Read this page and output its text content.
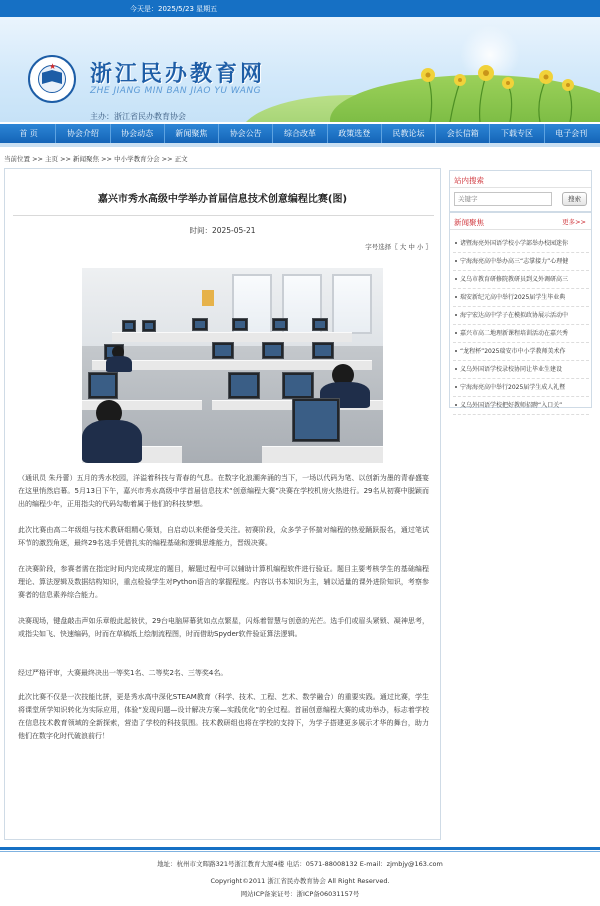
今天是：2025/5/23 星期五
★ 浙江民办教育网
ZHE JIANG MIN BAN JIAO YU WANG
主办：浙江省民办教育协会
首 页	协会介绍	协会动态	新闻聚焦	协会公告	综合改革	政策选登	民教论坛	会长信箱	下载专区	电子会刊
当前位置 >> 主页 >> 新闻聚焦 >> 中小学教育分会 >> 正文
嘉兴市秀水高级中学举办首届信息技术创意编程比赛(图)
时间：2025-05-21
字号选择〖 大 中 小 〗

（通讯员 朱丹蕾）五月的秀水校园，洋溢着科技与青春的气息。在数字化浪潮奔涌的当下，一场以代码为笔、以创新为墨的青春盛宴在这里悄然启幕。5月13日下午，嘉兴市秀水高级中学首届信息技术“创意编程大赛”决赛在学校机房火热进行。29名从初赛中脱颖而出的编程少年，正用指尖的代码勾勒着属于他们的科技梦想。

此次比赛由高二年级组与技术教研组精心策划，自启动以来便备受关注。初赛阶段，众多学子怀揣对编程的热爱踊跃报名，通过笔试环节的激烈角逐，最终29名选手凭借扎实的编程基础和逻辑思维能力，晋级决赛。

在决赛阶段，参赛者需在指定时间内完成规定的题目，解题过程中可以辅助计算机编程软件进行验证。题目主要考核学生的基础编程理论、算法逻辑及数据结构知识，重点检验学生对Python语言的掌握程度。内容以书本知识为主，辅以适量的课外进阶知识，考察参赛者的信息素养综合能力。

决赛现场，键盘敲击声如乐章般此起彼伏，29台电脑屏幕犹如点点繁星，闪烁着智慧与创意的光芒。选手们或眉头紧锁、凝神思考，或指尖如飞、快速编码，时而在草稿纸上绘制流程图，时而借助Spyder软件验证算法逻辑。

经过严格评审，大赛最终决出一等奖1名、二等奖2名、三等奖4名。

此次比赛不仅是一次技能比拼，更是秀水高中深化STEAM教育（科学、技术、工程、艺术、数学融合）的重要实践。通过比赛，学生将课堂所学知识转化为实际应用，体验“发现问题—设计解决方案—实践优化”的全过程。首届创意编程大赛的成功举办，标志着学校在信息技术教育领域的全新探索，营造了学校的科技氛围。技术教研组也将在学校的支持下，为学子搭建更多展示才华的舞台，助力他们在数字化时代破浪前行！

站内搜索
关键字
搜索
新闻聚焦	更多>>
诸暨海亮外国语学校小学部举办校园迷你
宁海海亮高中举办高三“志掌接力”心理健
义乌市教育研修院教研员到义外调研高三
瑞安新纪元高中举行2025届学生毕业典
海宁宏达高中学子在模拟政协展示活动中
嘉兴市高二地理新课程培训活动在嘉兴秀
“龙程杯”2025瑞安市中小学教师美术作
义乌外国语学校录校协同让毕业生建设
宁海海亮高中举行2025届学生成人礼暨
义乌外国语学校把好教师招聘“入口关”
地址：杭州市文晖路321号浙江教育大厦4楼 电话：0571-88008132 E-mail：zjmbjy@163.com
Copyright©2011 浙江省民办教育协会 All Right Reserved.
网站ICP备案证号：浙ICP备06031157号
